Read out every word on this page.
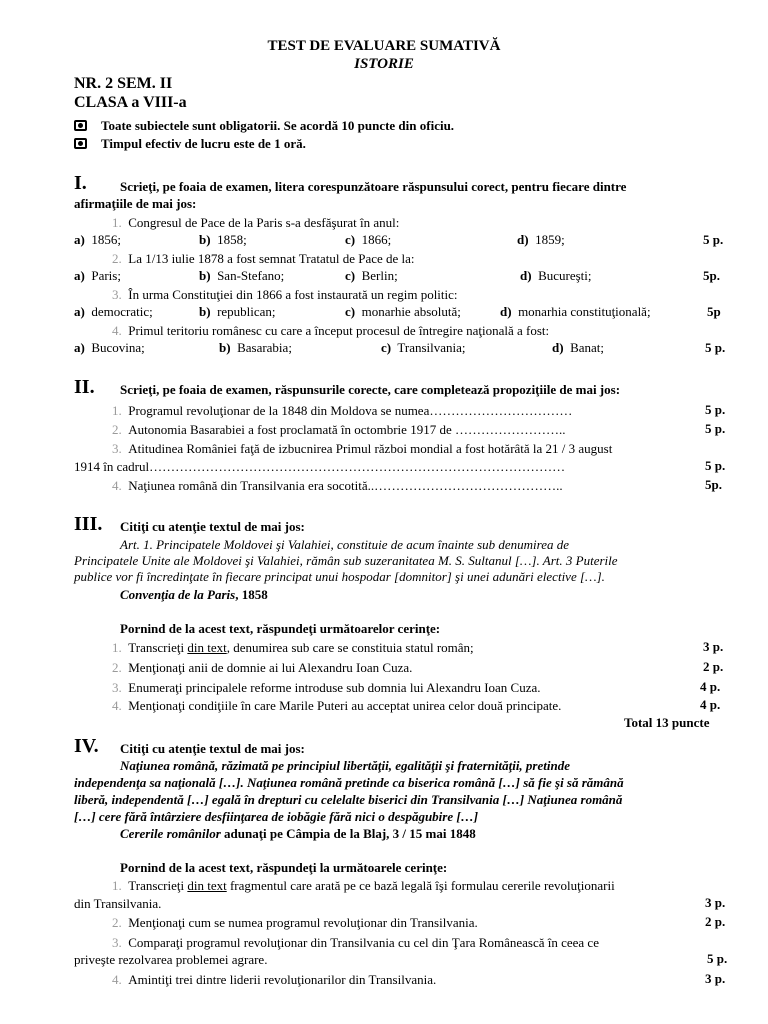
TEST DE EVALUARE SUMATIVĂ
ISTORIE
NR. 2 SEM. II
CLASA a VIII-a
Toate subiectele sunt obligatorii. Se acordă 10 puncte din oficiu.
Timpul efectiv de lucru este de 1 oră.
I.	Scrieţi, pe foaia de examen, litera corespunzătoare răspunsului corect, pentru fiecare dintre
afirmaţiile de mai jos:
1. Congresul de Pace de la Paris s-a desfăşurat în anul:
a) 1856;	b) 1858;	c) 1866;	d) 1859;	5 p.
2. La 1/13 iulie 1878 a fost semnat Tratatul de Pace de la:
a) Paris;	b) San-Stefano;	c) Berlin;	d) Bucureşti;	5p.
3. În urma Constituţiei din 1866 a fost instaurată un regim politic:
a) democratic;	b) republican;	c) monarhie absolută;	d) monarhia constituţională;	5p
4. Primul teritoriu românesc cu care a început procesul de întregire naţională a fost:
a) Bucovina;	b) Basarabia;	c) Transilvania;	d) Banat;	5 p.
II. Scrieţi, pe foaia de examen, răspunsurile corecte, care completează propoziţiile de mai jos:
1. Programul revoluţionar de la 1848 din Moldova se numea……………………………	5 p.
2. Autonomia Basarabiei a fost proclamată în octombrie 1917 de ……………………..	5 p.
3. Atitudinea României faţă de izbucnirea Primul război mondial a fost hotărâtă la 21 / 3 august
1914 în cadrul……………………………………………………………………………………	5 p.
4. Naţiunea română din Transilvania era socotită..……………………………………..	5p.
III. Citiţi cu atenţie textul de mai jos:
Art. 1. Principatele Moldovei şi Valahiei, constituie de acum înainte sub denumirea de
Principatele Unite ale Moldovei şi Valahiei, rămân sub suzeranitatea M. S. Sultanul […]. Art. 3 Puterile
publice vor fi încredinţate în fiecare principat unui hospodar [domnitor] şi unei adunări elective […].
Convenţia de la Paris, 1858
Pornind de la acest text, răspundeţi următoarelor cerinţe:
1. Transcrieţi din text, denumirea sub care se constituia statul român;	3 p.
2. Menţionaţi anii de domnie ai lui Alexandru Ioan Cuza.	2 p.
3. Enumeraţi principalele reforme introduse sub domnia lui Alexandru Ioan Cuza.	4 p.
4. Menţionaţi condiţiile în care Marile Puteri au acceptat unirea celor două principate.	4 p.
Total 13 puncte
IV. Citiţi cu atenţie textul de mai jos:
Naţiunea română, răzimată pe principiul libertăţii, egalităţii şi fraternităţii, pretinde
independenţa sa naţională […]. Naţiunea română pretinde ca biserica română […] să fie şi să rămână
liberă, independentă […] egală în drepturi cu celelalte biserici din Transilvania […] Naţiunea română
[…] cere fără întârziere desfiinţarea de iobăgie fără nici o despăgubire […]
Cererile românilor adunaţi pe Câmpia de la Blaj, 3 / 15 mai 1848
Pornind de la acest text, răspundeţi la următoarele cerinţe:
1. Transcrieţi din text fragmentul care arată pe ce bază legală îşi formulau cererile revoluţionarii
din Transilvania.	3 p.
2. Menţionaţi cum se numea programul revoluţionar din Transilvania.	2 p.
3. Comparaţi programul revoluţionar din Transilvania cu cel din Ţara Românească în ceea ce
priveşte rezolvarea problemei agrare.	5 p.
4. Amintiţi trei dintre liderii revoluţionarilor din Transilvania.	3 p.
